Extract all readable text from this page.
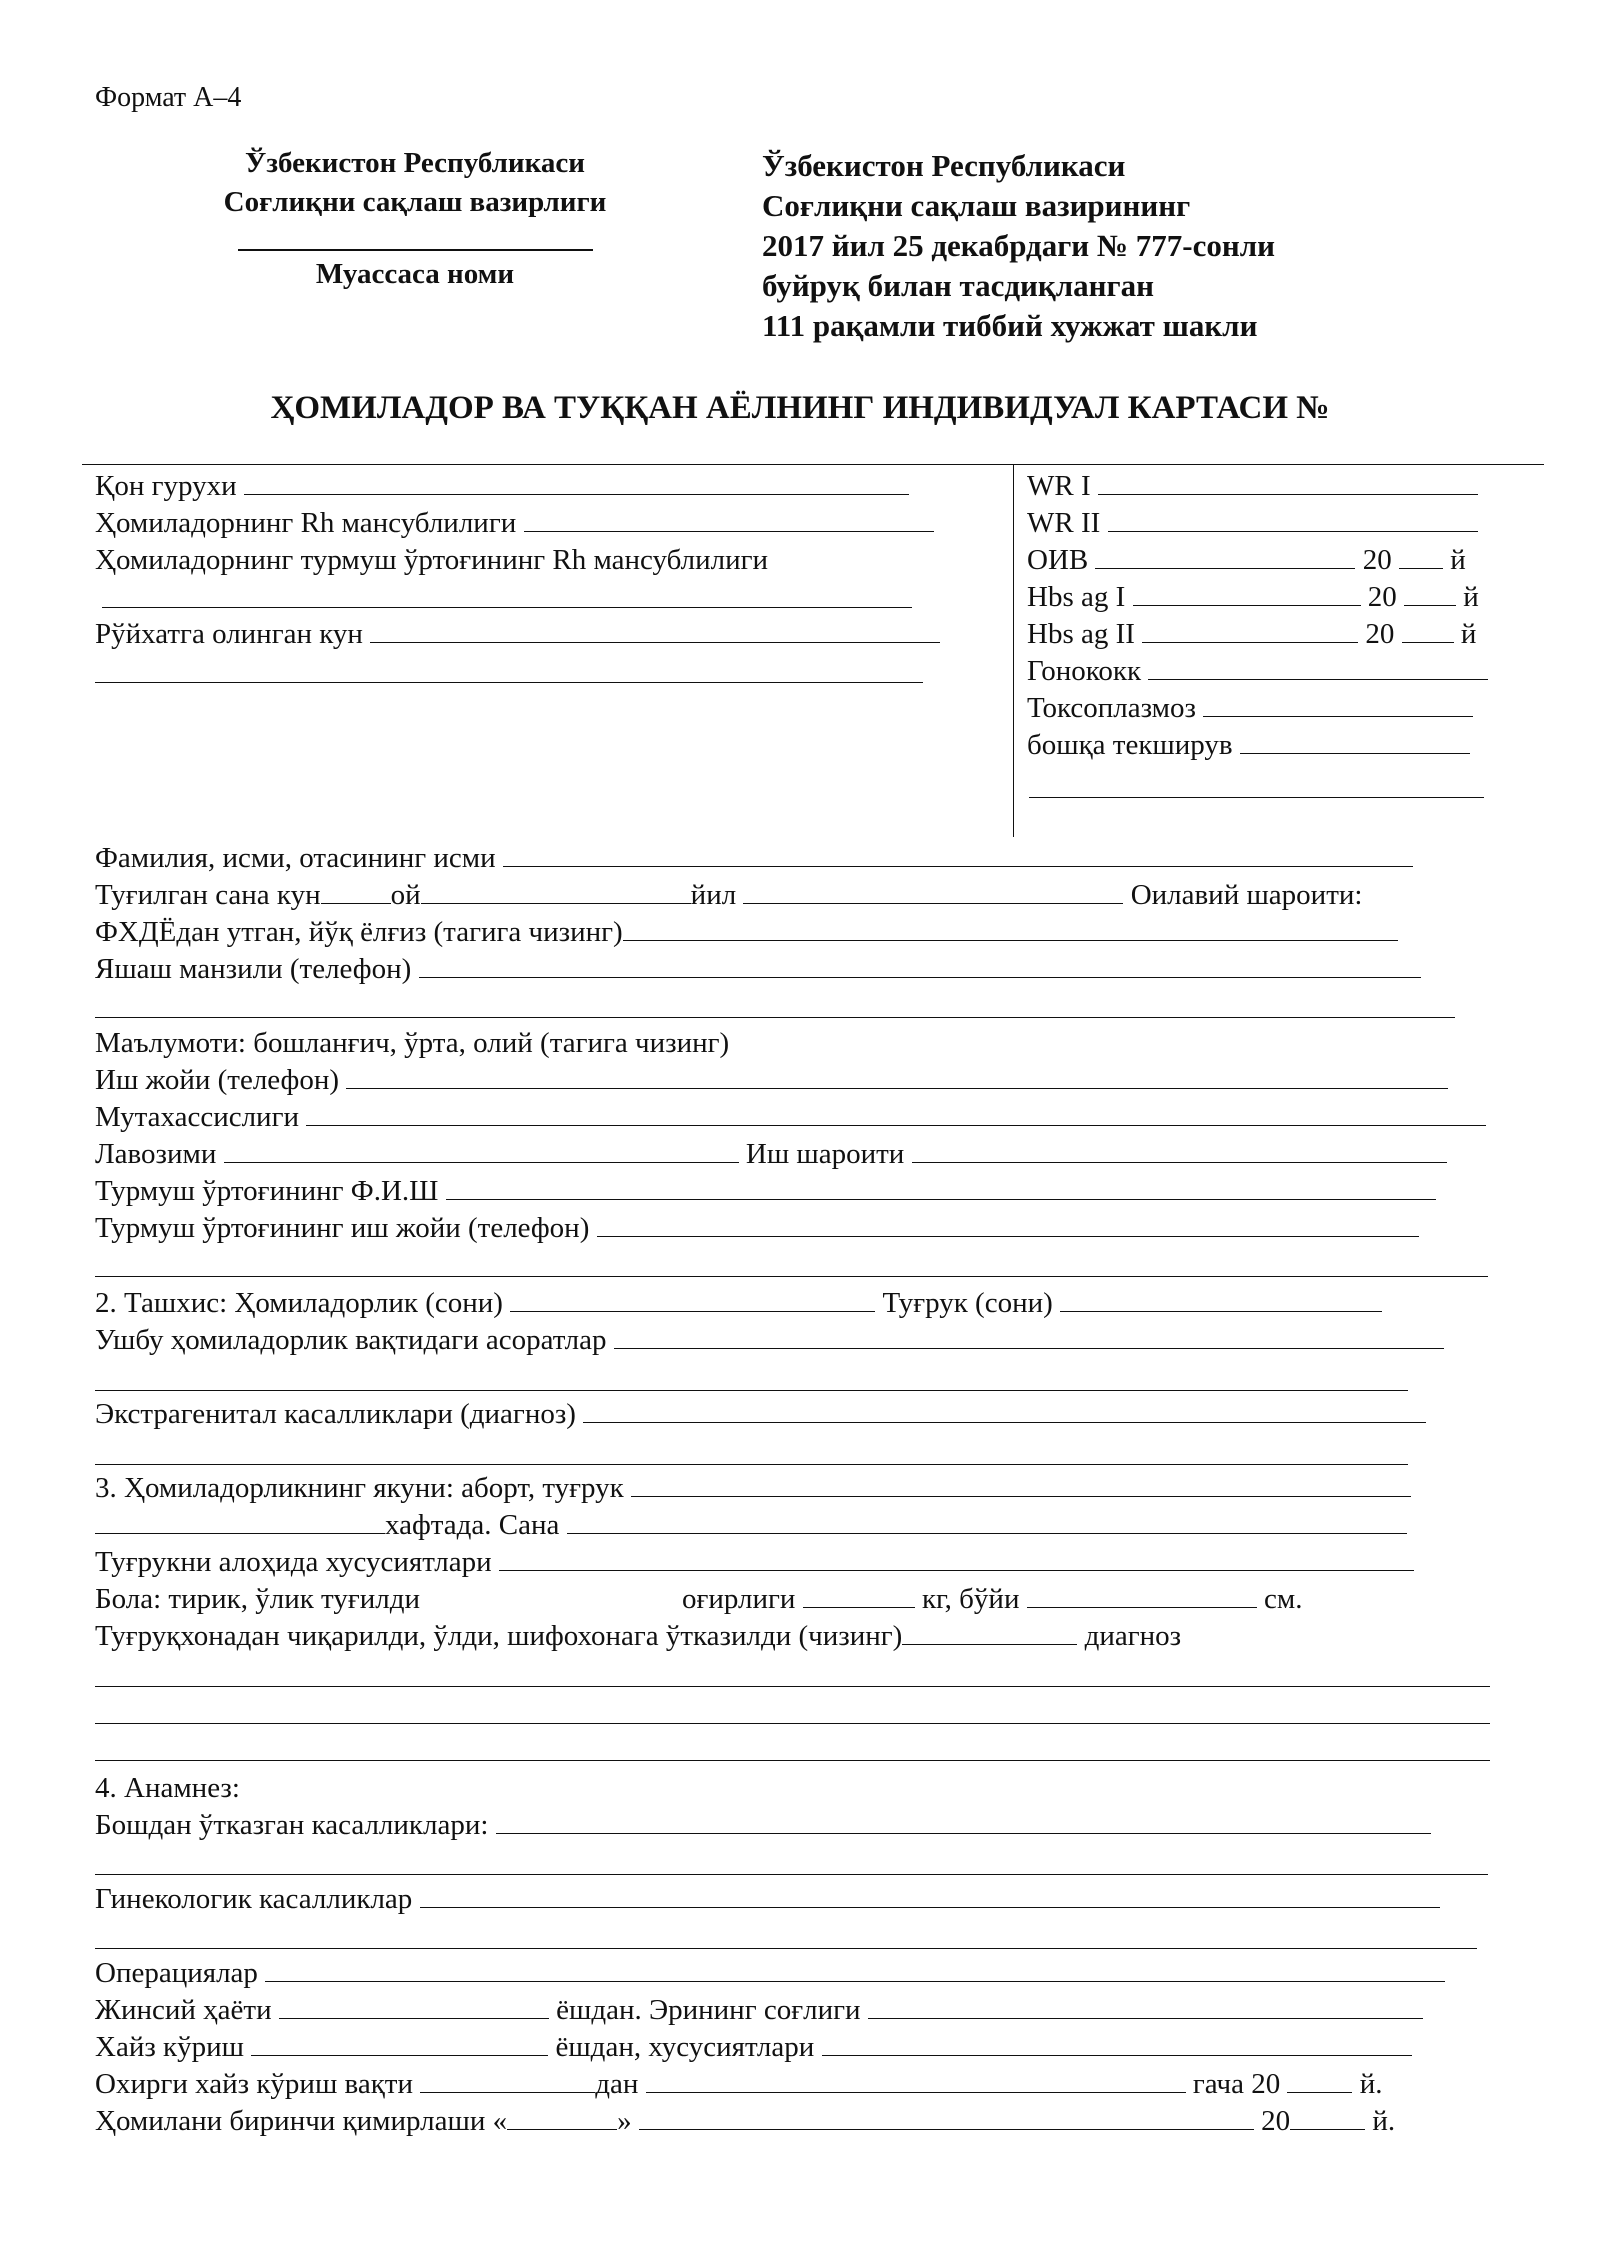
Формат А–4
Ўзбекистон Республикаси
Соғлиқни сақлаш вазирлиги
Муассаса номи
Ўзбекистон Республикаси
Соғлиқни сақлаш вазирининг
2017 йил 25 декабрдаги № 777-сонли
буйруқ билан тасдиқланган
111 рақамли тиббий хужжат шакли
ҲОМИЛАДОР ВА ТУҚҚАН АЁЛНИНГ ИНДИВИДУАЛ КАРТАСИ №
Қон гурухи
Ҳомиладорнинг Rh мансублилиги
Ҳомиладорнинг турмуш ўртоғининг Rh мансублилиги
Рўйхатга олинган кун
WR I
WR II
ОИВ	20 й
Hbs ag I	20 й
Hbs ag II	20 й
Гонококк
Токсоплазмоз
бошқа текширув
Фамилия, исми, отасининг исми
Туғилган сана кун ой	йил	Оилавий шароити:
ФХДЁдан утган, йўқ ёлғиз (тагига чизинг)
Яшаш манзили (телефон)
Маълумоти: бошланғич, ўрта, олий (тагига чизинг)
Иш жойи (телефон)
Мутахассислиги
Лавозими	Иш шароити
Турмуш ўртоғининг Ф.И.Ш
Турмуш ўртоғининг иш жойи (телефон)
2. Ташхис: Ҳомиладорлик (сони)	Туғрук (сони)
Ушбу ҳомиладорлик вақтидаги асоратлар
Экстрагенитал касалликлари (диагноз)
3. Ҳомиладорликнинг якуни: аборт, туғрук
хафтада. Сана
Туғрукни алоҳида хусусиятлари
Бола: тирик, ўлик туғилди	оғирлиги	кг, бўйи	см.
Туғруқхонадан чиқарилди, ўлди, шифохонага ўтказилди (чизинг)	диагноз
4. Анамнез:
Бошдан ўтказган касалликлари:
Гинекологик касалликлар
Операциялар
Жинсий ҳаёти	ёшдан. Эрининг соғлиги
Хайз кўриш	ёшдан, хусусиятлари
Охирги хайз кўриш вақти	дан	гача 20	й.
Ҳомилани биринчи қимирлаши «	»	20	й.
